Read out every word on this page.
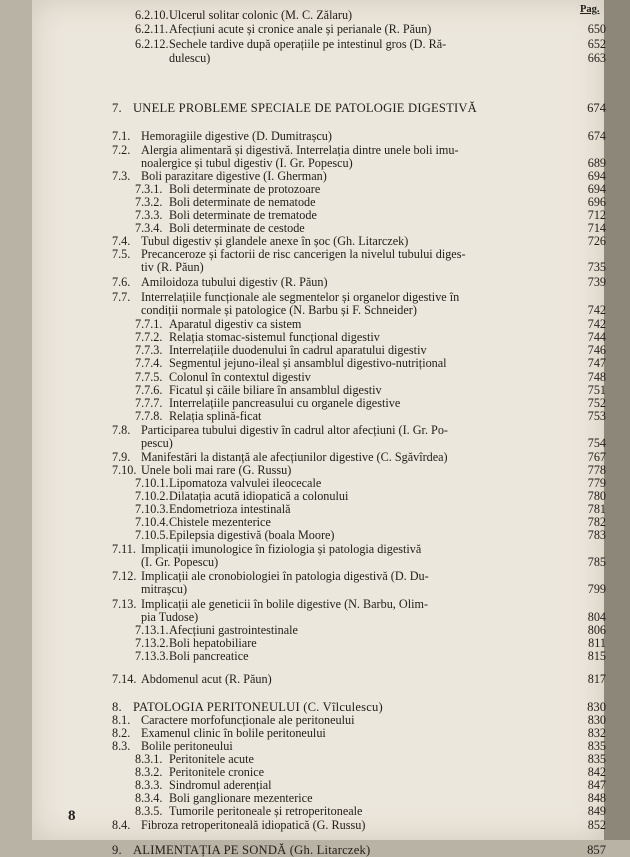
Pag.
6.2.10. Ulcerul solitar colonic (M. C. Zălaru)
6.2.11. Afecțiuni acute și cronice anale și perianale (R. Păun)	650
6.2.12. Sechele tardive după operațiile pe intestinul gros (D. Ră-	652
dulescu)	663
7. UNELE PROBLEME SPECIALE DE PATOLOGIE DIGESTIVĂ	674
7.1. Hemoragiile digestive (D. Dumitrașcu)	674
7.2. Alergia alimentară și digestivă. Interrelația dintre unele boli imu-
noalergice și tubul digestiv (I. Gr. Popescu)	689
7.3. Boli parazitare digestive (I. Gherman)	694
7.3.1. Boli determinate de protozoare	694
7.3.2. Boli determinate de nematode	696
7.3.3. Boli determinate de trematode	712
7.3.4. Boli determinate de cestode	714
7.4. Tubul digestiv și glandele anexe în șoc (Gh. Litarczek)	726
7.5. Precanceroze și factorii de risc cancerigen la nivelul tubului diges-
tiv (R. Păun)	735
7.6. Amiloidoza tubului digestiv (R. Păun)	739
7.7. Interrelațiile funcționale ale segmentelor și organelor digestive în
condiții normale și patologice (N. Barbu și F. Schneider)	742
7.7.1. Aparatul digestiv ca sistem	742
7.7.2. Relația stomac-sistemul funcțional digestiv	744
7.7.3. Interrelațiile duodenului în cadrul aparatului digestiv	746
7.7.4. Segmentul jejuno-ileal și ansamblul digestivo-nutrițional	747
7.7.5. Colonul în contextul digestiv	748
7.7.6. Ficatul și căile biliare în ansamblul digestiv	751
7.7.7. Interrelațiile pancreasului cu organele digestive	752
7.7.8. Relația splină-ficat	753
7.8. Participarea tubului digestiv în cadrul altor afecțiuni (I. Gr. Po-
pescu)	754
7.9. Manifestări la distanță ale afecțiunilor digestive (C. Sgăvîrdea)	767
7.10. Unele boli mai rare (G. Russu)	778
7.10.1. Lipomatoza valvulei ileocecale	779
7.10.2. Dilatația acută idiopatică a colonului	780
7.10.3. Endometrioza intestinală	781
7.10.4. Chistele mezenterice	782
7.10.5. Epilepsia digestivă (boala Moore)	783
7.11. Implicații imunologice în fiziologia și patologia digestivă
(I. Gr. Popescu)	785
7.12. Implicații ale cronobiologiei în patologia digestivă (D. Du-
mitrașcu)	799
7.13. Implicații ale geneticii în bolile digestive (N. Barbu, Olim-
pia Tudose)	804
7.13.1. Afecțiuni gastrointestinale	806
7.13.2. Boli hepatobiliare	811
7.13.3. Boli pancreatice	815
7.14. Abdomenul acut (R. Păun)	817
8. PATOLOGIA PERITONEULUI (C. Vîlculescu)	830
8.1. Caractere morfofuncționale ale peritoneului	830
8.2. Examenul clinic în bolile peritoneului	832
8.3. Bolile peritoneului	835
8.3.1. Peritonitele acute	835
8.3.2. Peritonitele cronice	842
8.3.3. Sindromul aderențial	847
8.3.4. Boli ganglionare mezenterice	848
8.3.5. Tumorile peritoneale și retroperitoneale	849
8.4. Fibroza retroperitoneală idiopatică (G. Russu)	852
9. ALIMENTAȚIA PE SONDĂ (Gh. Litarczek)	857
8
